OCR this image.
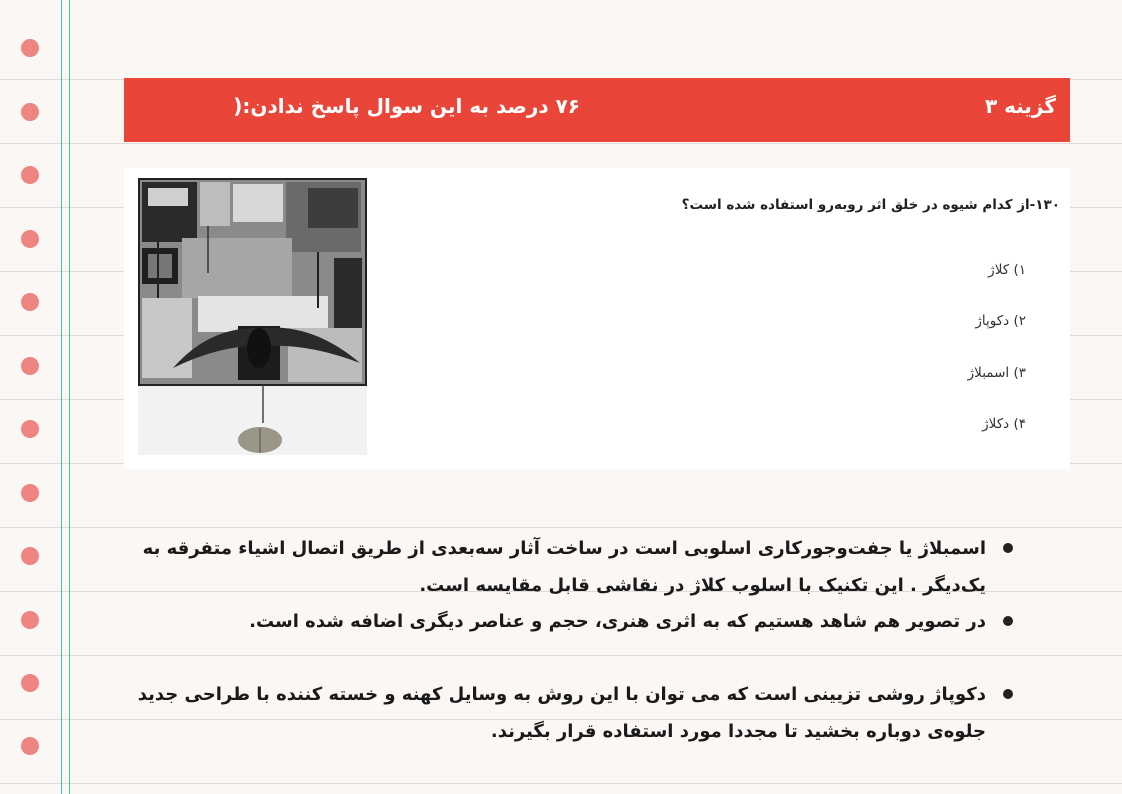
گزینه ۳
۷۶ درصد به این سوال پاسخ ندادن:(
۱۳۰-از کدام شیوه در خلق اثر روبه‌رو استفاده شده است؟
۱) کلاژ
۲) دکوپاژ
۳) اسمبلاژ
۴) دکلاژ
اسمبلاژ یا جفت‌وجورکاری اسلوبی است در ساخت آثار سه‌بعدی از طریق اتصال اشیاء متفرقه به یک‌دیگر . این تکنیک با اسلوب کلاژ در نقاشی قابل مقایسه است.
در تصویر هم شاهد هستیم که به اثری هنری، حجم و عناصر دیگری اضافه شده است.
دکوپاژ روشی تزیینی است که می توان با این روش به وسایل کهنه و خسته کننده با طراحی جدید جلوه‌ی دوباره بخشید تا مجددا مورد استفاده قرار بگیرند.
